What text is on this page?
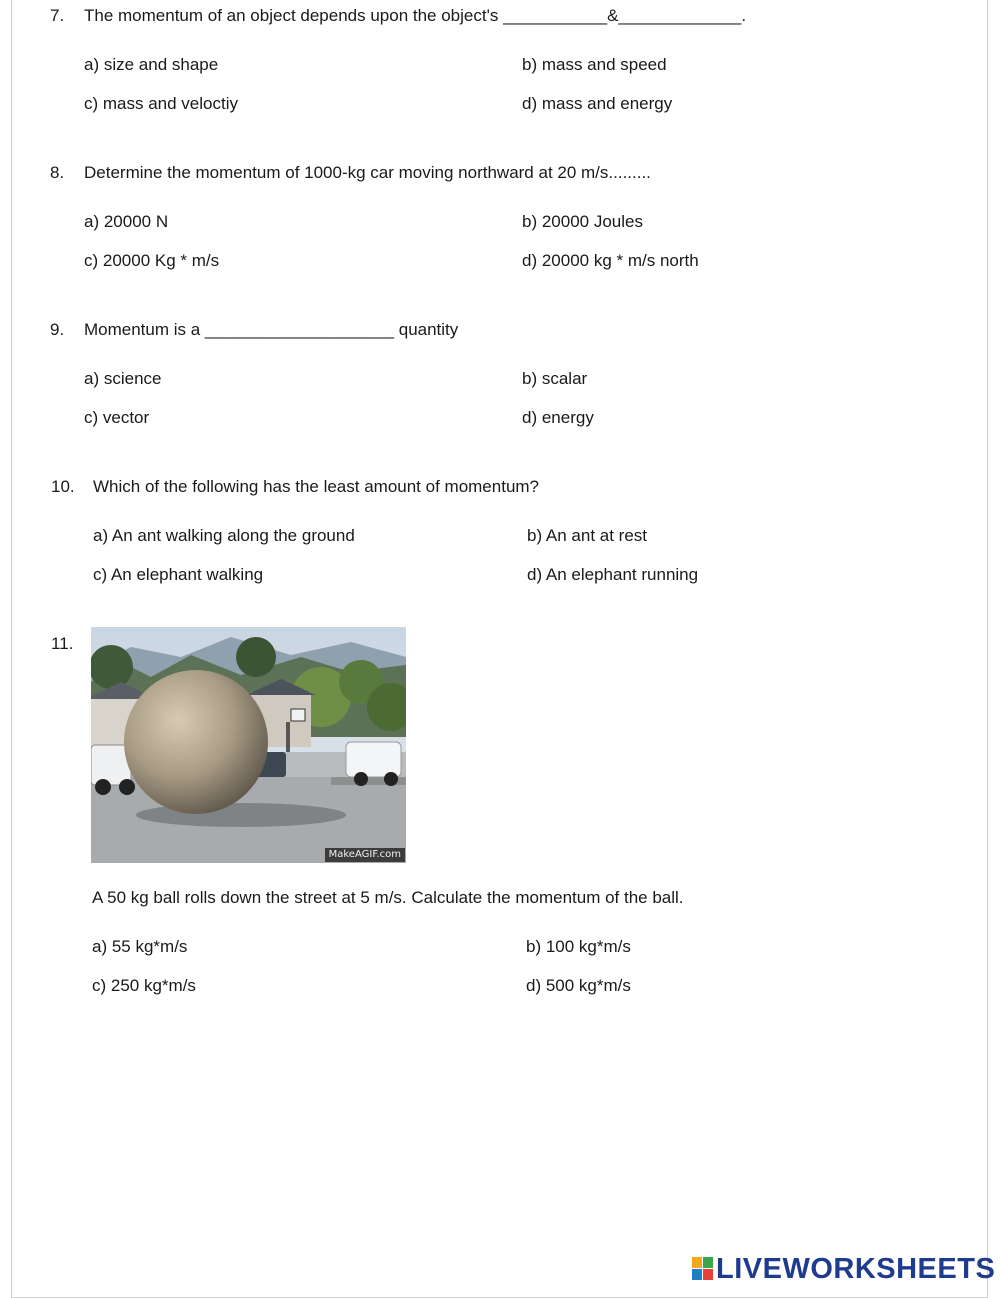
7. The momentum of an object depends upon the object's ___________&_____________.
a) size and shape	b) mass and speed
c) mass and veloctiy	d) mass and energy
8. Determine the momentum of 1000-kg car moving northward at 20 m/s.........
a) 20000 N	b) 20000 Joules
c) 20000 Kg * m/s	d) 20000 kg * m/s north
9. Momentum is a ____________________ quantity
a) science	b) scalar
c) vector	d) energy
10. Which of the following has the least amount of momentum?
a) An ant walking along the ground	b) An ant at rest
c) An elephant walking	d) An elephant running
11.
MakeAGIF.com
A 50 kg ball rolls down the street at 5 m/s. Calculate the momentum of the ball.
a) 55 kg*m/s	b) 100 kg*m/s
c) 250 kg*m/s	d) 500 kg*m/s
LIVEWORKSHEETS
